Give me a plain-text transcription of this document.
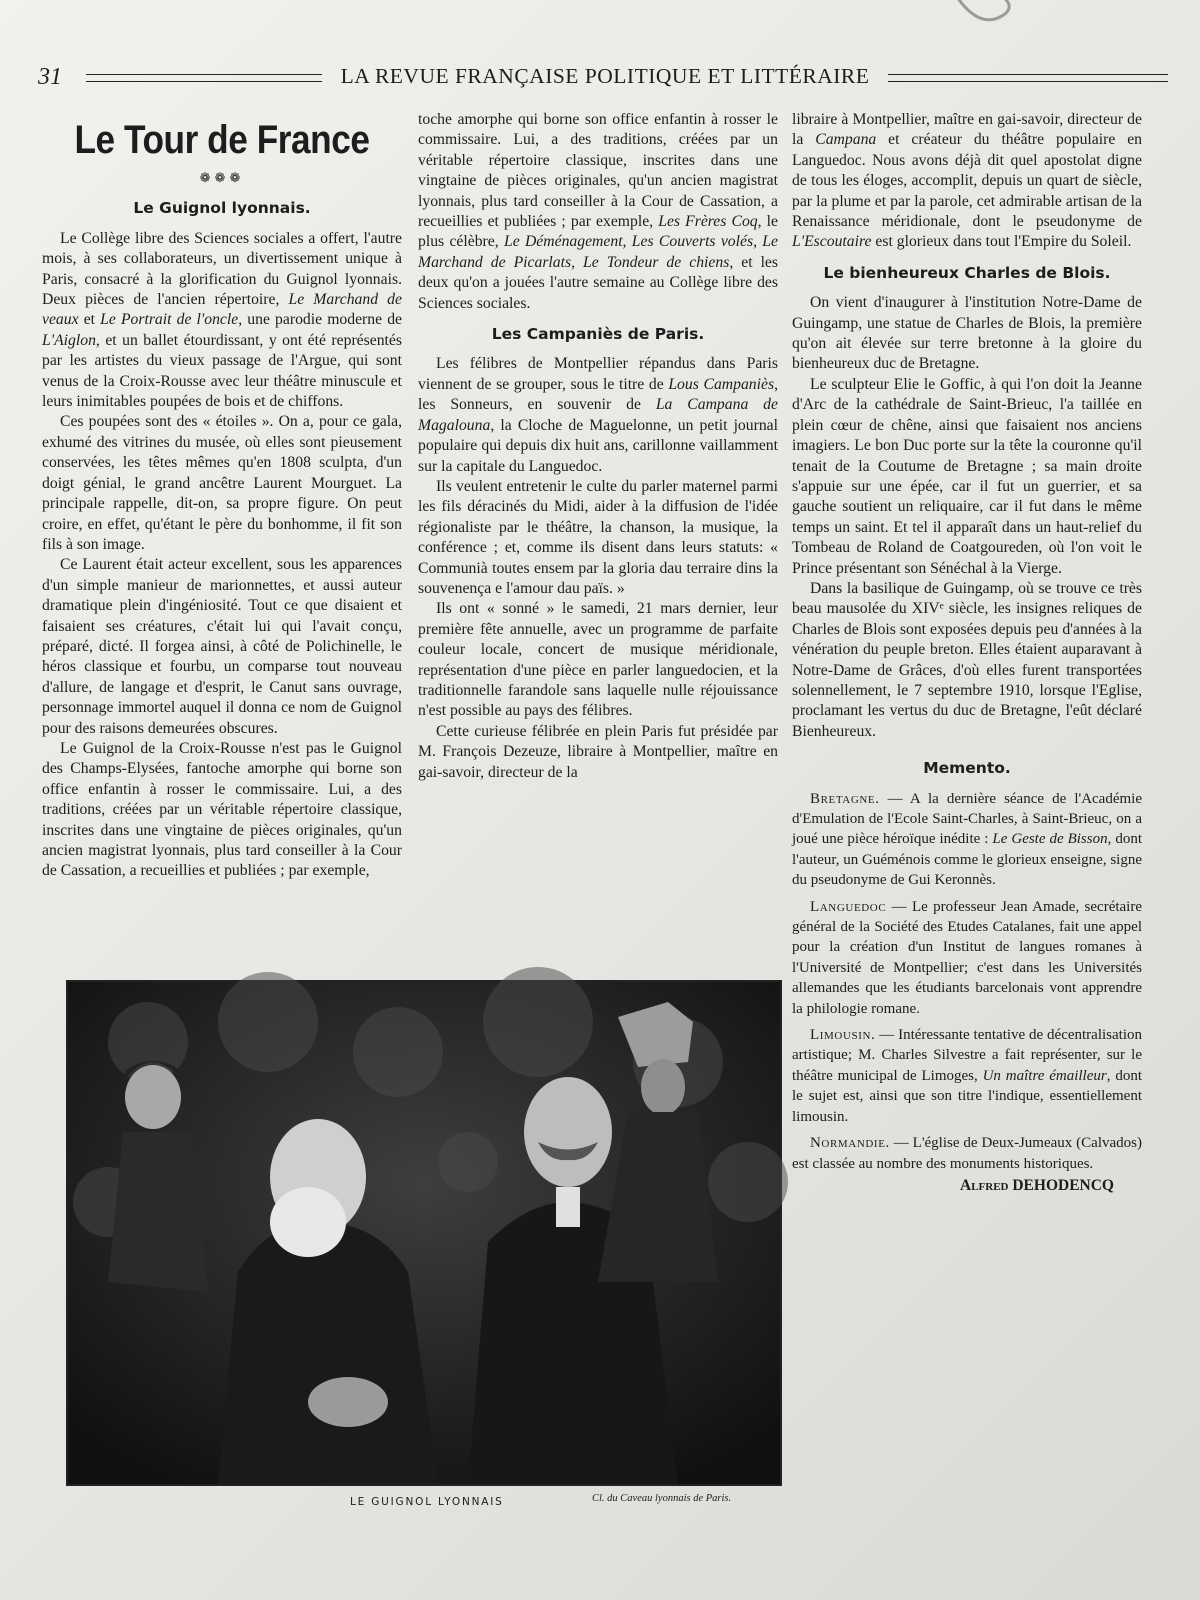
31	LA REVUE FRANÇAISE POLITIQUE ET LITTÉRAIRE
Le Tour de France
❁❁❁
Le Guignol lyonnais.

Le Collège libre des Sciences sociales a offert, l'autre mois, à ses collaborateurs, un divertissement unique à Paris, consacré à la glorification du Guignol lyonnais. Deux pièces de l'ancien répertoire, Le Marchand de veaux et Le Portrait de l'oncle, une parodie moderne de L'Aiglon, et un ballet étourdissant, y ont été représentés par les artistes du vieux passage de l'Argue, qui sont venus de la Croix-Rousse avec leur théâtre minuscule et leurs inimitables poupées de bois et de chiffons.

Ces poupées sont des « étoiles ». On a, pour ce gala, exhumé des vitrines du musée, où elles sont pieusement conservées, les têtes mêmes qu'en 1808 sculpta, d'un doigt génial, le grand ancêtre Laurent Mourguet. La principale rappelle, dit-on, sa propre figure. On peut croire, en effet, qu'étant le père du bonhomme, il fit son fils à son image.

Ce Laurent était acteur excellent, sous les apparences d'un simple manieur de marionnettes, et aussi auteur dramatique plein d'ingéniosité. Tout ce que disaient et faisaient ses créatures, c'était lui qui l'avait conçu, préparé, dicté. Il forgea ainsi, à côté de Polichinelle, le héros classique et fourbu, un comparse tout nouveau d'allure, de langage et d'esprit, le Canut sans ouvrage, personnage immortel auquel il donna ce nom de Guignol pour des raisons demeurées obscures.

Le Guignol de la Croix-Rousse n'est pas le Guignol des Champs-Elysées, fantoche amorphe qui borne son office enfantin à rosser le commissaire. Lui, a des traditions, créées par un véritable répertoire classique, inscrites dans une vingtaine de pièces originales, qu'un ancien magistrat lyonnais, plus tard conseiller à la Cour de Cassation, a recueillies et publiées ; par exemple,

toche amorphe qui borne son office enfantin à rosser le commissaire. Lui, a des traditions, créées par un véritable répertoire classique, inscrites dans une vingtaine de pièces originales, qu'un ancien magistrat lyonnais, plus tard conseiller à la Cour de Cassation, a recueillies et publiées ; par exemple, Les Frères Coq, le plus célèbre, Le Déménagement, Les Couverts volés, Le Marchand de Picarlats, Le Tondeur de chiens, et les deux qu'on a jouées l'autre semaine au Collège libre des Sciences sociales.

Les Campaniès de Paris.

Les félibres de Montpellier répandus dans Paris viennent de se grouper, sous le titre de Lous Campaniès, les Sonneurs, en souvenir de La Campana de Magalouna, la Cloche de Maguelonne, un petit journal populaire qui depuis dix huit ans, carillonne vaillamment sur la capitale du Languedoc.

Ils veulent entretenir le culte du parler maternel parmi les fils déracinés du Midi, aider à la diffusion de l'idée régionaliste par le théâtre, la chanson, la musique, la conférence ; et, comme ils disent dans leurs statuts: « Communià toutes ensem par la gloria dau terraire dins la souvenença e l'amour dau païs. »

Ils ont « sonné » le samedi, 21 mars dernier, leur première fête annuelle, avec un programme de parfaite couleur locale, concert de musique méridionale, représentation d'une pièce en parler languedocien, et la traditionnelle farandole sans laquelle nulle réjouissance n'est possible au pays des félibres.

Cette curieuse félibrée en plein Paris fut présidée par M. François Dezeuze, libraire à Montpellier, maître en gai-savoir, directeur de la

libraire à Montpellier, maître en gai-savoir, directeur de la Campana et créateur du théâtre populaire en Languedoc. Nous avons déjà dit quel apostolat digne de tous les éloges, accomplit, depuis un quart de siècle, par la plume et par la parole, cet admirable artisan de la Renaissance méridionale, dont le pseudonyme de L'Escoutaire est glorieux dans tout l'Empire du Soleil.

Le bienheureux Charles de Blois.

On vient d'inaugurer à l'institution Notre-Dame de Guingamp, une statue de Charles de Blois, la première qu'on ait élevée sur terre bretonne à la gloire du bienheureux duc de Bretagne.

Le sculpteur Elie le Goffic, à qui l'on doit la Jeanne d'Arc de la cathédrale de Saint-Brieuc, l'a taillée en plein cœur de chêne, ainsi que faisaient nos anciens imagiers. Le bon Duc porte sur la tête la couronne qu'il tenait de la Coutume de Bretagne ; sa main droite s'appuie sur une épée, car il fut un guerrier, et sa gauche soutient un reliquaire, car il fut dans le même temps un saint. Et tel il apparaît dans un haut-relief du Tombeau de Roland de Coatgoureden, où l'on voit le Prince présentant son Sénéchal à la Vierge.

Dans la basilique de Guingamp, où se trouve ce très beau mausolée du XIVᵉ siècle, les insignes reliques de Charles de Blois sont exposées depuis peu d'années à la vénération du peuple breton. Elles étaient auparavant à Notre-Dame de Grâces, d'où elles furent transportées solennellement, le 7 septembre 1910, lorsque l'Eglise, proclamant les vertus du duc de Bretagne, l'eût déclaré Bienheureux.

Memento.

Bretagne. — A la dernière séance de l'Académie d'Emulation de l'Ecole Saint-Charles, à Saint-Brieuc, on a joué une pièce héroïque inédite : Le Geste de Bisson, dont l'auteur, un Guéménois comme le glorieux enseigne, signe du pseudonyme de Gui Keronnès.

Languedoc — Le professeur Jean Amade, secrétaire général de la Société des Etudes Catalanes, fait une appel pour la création d'un Institut de langues romanes à l'Université de Montpellier; c'est dans les Universités allemandes que les étudiants barcelonais vont apprendre la philologie romane.

Limousin. — Intéressante tentative de décentralisation artistique; M. Charles Silvestre a fait représenter, sur le théâtre municipal de Limoges, Un maître émailleur, dont le sujet est, ainsi que son titre l'indique, essentiellement limousin.

Normandie. — L'église de Deux-Jumeaux (Calvados) est classée au nombre des monuments historiques.

Alfred DEHODENCQ
LE GUIGNOL LYONNAIS	Cl. du Caveau lyonnais de Paris.
